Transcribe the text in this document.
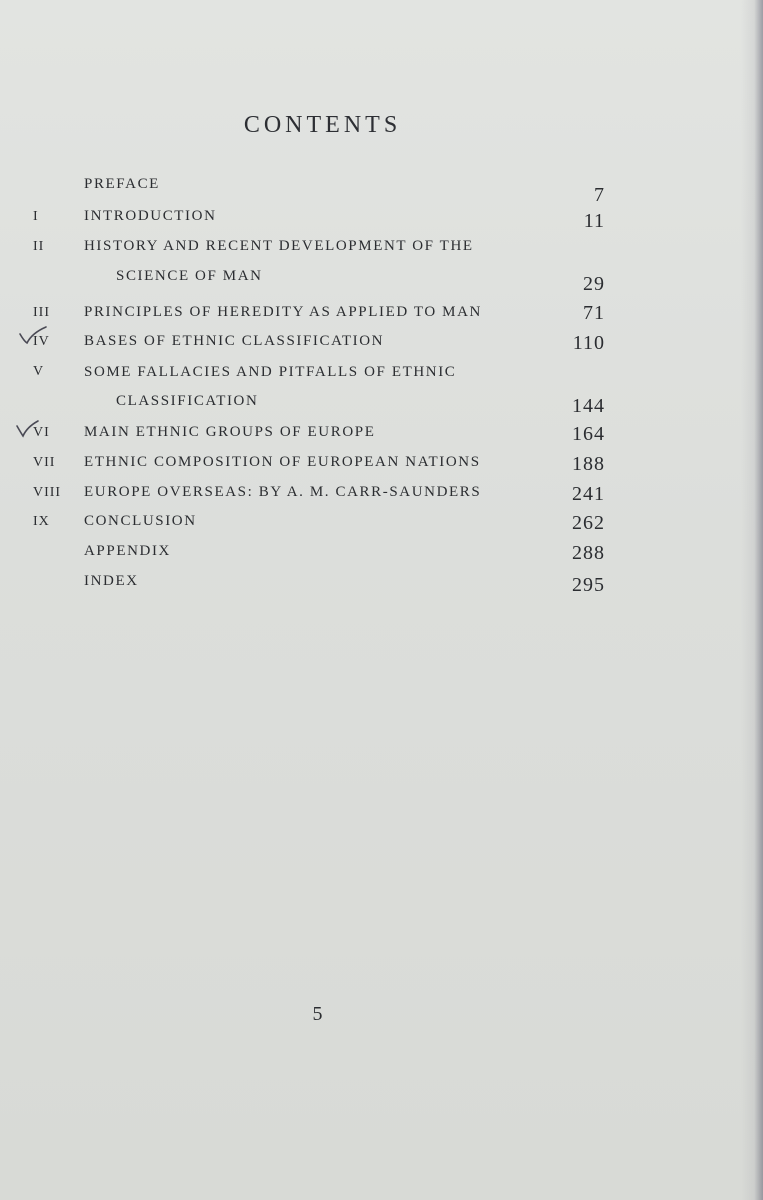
CONTENTS
PREFACE	7
I	INTRODUCTION	11
II	HISTORY AND RECENT DEVELOPMENT OF THE
SCIENCE OF MAN	29
III PRINCIPLES OF HEREDITY AS APPLIED TO MAN	71
IV BASES OF ETHNIC CLASSIFICATION	110
V	SOME FALLACIES AND PITFALLS OF ETHNIC
CLASSIFICATION	144
VI MAIN ETHNIC GROUPS OF EUROPE	164
VII ETHNIC COMPOSITION OF EUROPEAN NATIONS	188
VIII EUROPE OVERSEAS: BY A. M. CARR-SAUNDERS	241
IX CONCLUSION	262
APPENDIX	288
INDEX	295
5
